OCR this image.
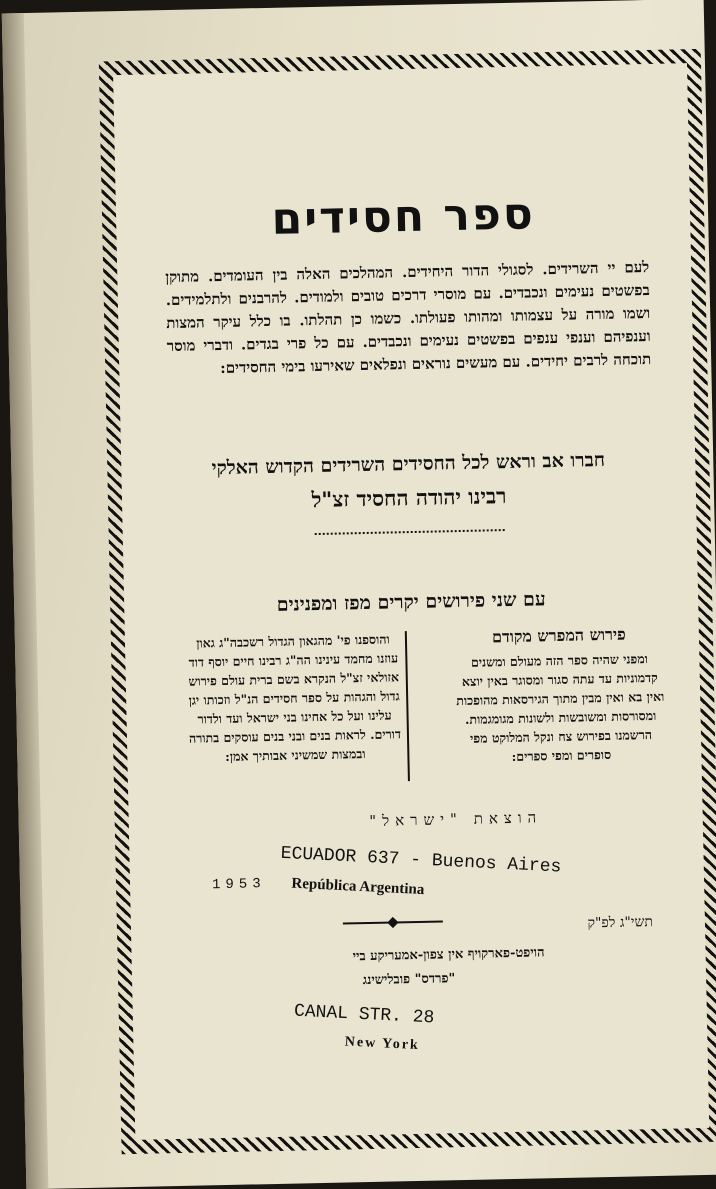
ספר חסידים
לעם יי השרידים. לסגולי הדור היחידים. המהלכים האלה בין העומדים. מתוקן בפשטים נעימים ונכבדים. עם מוסרי דרכים טובים ולמודים. להרבנים ולתלמידים. ושמו מורה על עצמותו ומהותו פעולתו. כשמו כן תהלתו. בו כלל עיקר המצות וענפיהם וענפי ענפים בפשטים נעימים ונכבדים. עם כל פרי בגדים. ודברי מוסר תוכחה לרבים יחידים. עם מעשים נוראים ונפלאים שאירעו בימי החסידים:
חברו אב וראש לכל החסידים השרידים הקדוש האלקי
רבינו יהודה החסיד זצ"ל
עם שני פירושים יקרים מפז ומפנינים
פירוש המפרש מקודם
ומפני שהיה ספר הזה מעולם ומשנים קדמוניות עד עתה סגור ומסוגר באין יוצא ואין בא ואין מבין מתוך הגירסאות מהופכות ומסורסות ומשובשות ולשונות מגומגמות. הרשמנו בפירוש צח ונקל המלוקט מפי סופרים ומפי ספרים:
והוספנו פי' מהגאון הגדול רשכבה"ג גאון עוזנו מחמד עינינו הה"ג רבינו חיים יוסף דוד אזולאי זצ"ל הנקרא בשם ברית עולם פירוש גדול והגהות על ספר חסידים הנ"ל וזכותו יגן עלינו ועל כל אחינו בני ישראל ועד ולדור דורים. לראות בנים ובני בנים עוסקים בתורה ובמצות שמשיני אבותיך אמן:
הוצאת "ישראל"
ECUADOR 637 - Buenos Aires
1953 República Argentina
תשי"ג לפ"ק
הויפט-פארקויף אין צפון-אמעריקע ביי
"פרדס" פובלישינג
CANAL STR. 28
New York
